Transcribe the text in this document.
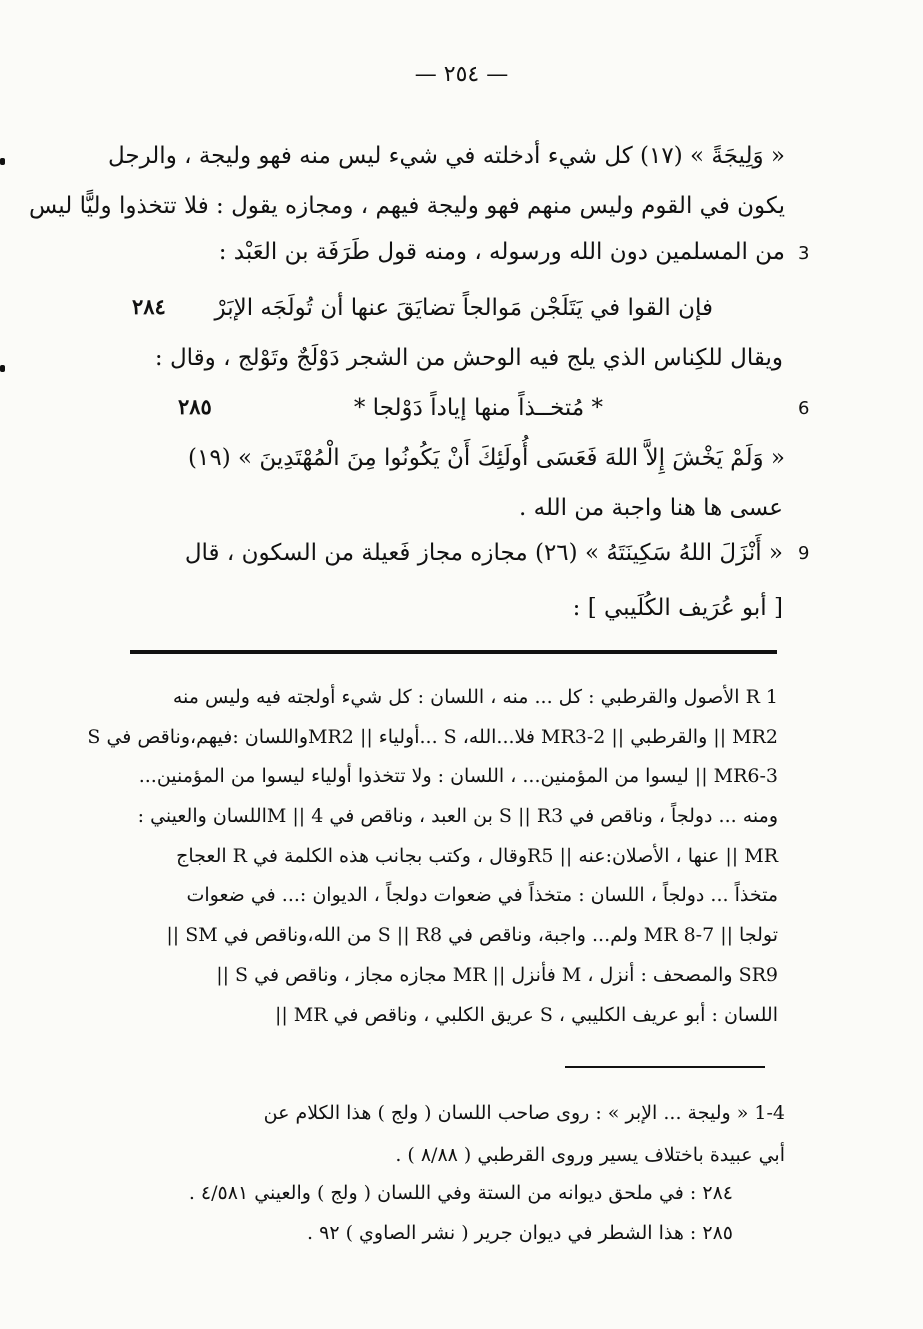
— ٢٥٤ —
« وَلِيجَةً » (١٧) كل شيء أدخلته في شيء ليس منه فهو وليجة ، والرجل
يكون في القوم وليس منهم فهو وليجة فيهم ، ومجازه يقول : فلا تتخذوا وليًّا ليس
من المسلمين دون الله ورسوله ، ومنه قول طَرَفَة بن العَبْد :
فإن القوا في يَتَلَجْن مَوالجاً تضايَقَ عنها أن تُولَجَه الإبَرْ
ويقال للكِناس الذي يلج فيه الوحش من الشجر دَوْلَجٌ وتَوْلج ، وقال :
* مُتخــذاً منها إياداً دَوْلجا *
« وَلَمْ يَخْشَ إِلاَّ اللهَ فَعَسَى أُولَئِكَ أَنْ يَكُونُوا مِنَ الْمُهْتَدِينَ » (١٩)
عسى ها هنا واجبة من الله .
« أَنْزَلَ اللهُ سَكِينَتَهُ » (٢٦) مجازه مجاز فَعيلة من السكون ، قال
[ أبو عُرَيف الكُلَيبي ] :
٢٨٤
٢٨٥
3
6
9
R 1 الأصول والقرطبي : كل ... منه ، اللسان : كل شيء أولجته فيه وليس منه
MR2 || والقرطبي || MR3-2 فلا...الله، S ...أولياء || MR2واللسان :فيهم،وناقص في S
MR6-3 || ليسوا من المؤمنين... ، اللسان : ولا تتخذوا أولياء ليسوا من المؤمنين...
ومنه ... دولجاً ، وناقص في S || R3 بن العبد ، وناقص في M || 4اللسان والعيني :
MR || عنها ، الأصلان:عنه || R5وقال ، وكتب بجانب هذه الكلمة في R العجاج
متخذاً ... دولجاً ، اللسان : متخذاً في ضعوات دولجاً ، الديوان :... في ضعوات
تولجا || MR 8-7 ولم... واجبة، وناقص في S || R8 من الله،وناقص في SM ||
SR9 والمصحف : أنزل ، M فأنزل || MR مجازه مجاز ، وناقص في S ||
اللسان : أبو عريف الكليبي ، S عريق الكلبي ، وناقص في MR ||
1-4 « وليجة ... الإبر » : روى صاحب اللسان ( ولج ) هذا الكلام عن
أبي عبيدة باختلاف يسير وروى القرطبي ( ٨/٨٨ ) .
٢٨٤ : في ملحق ديوانه من الستة وفي اللسان ( ولج ) والعيني ٤/٥٨١ .
٢٨٥ : هذا الشطر في ديوان جرير ( نشر الصاوي ) ٩٢ .
